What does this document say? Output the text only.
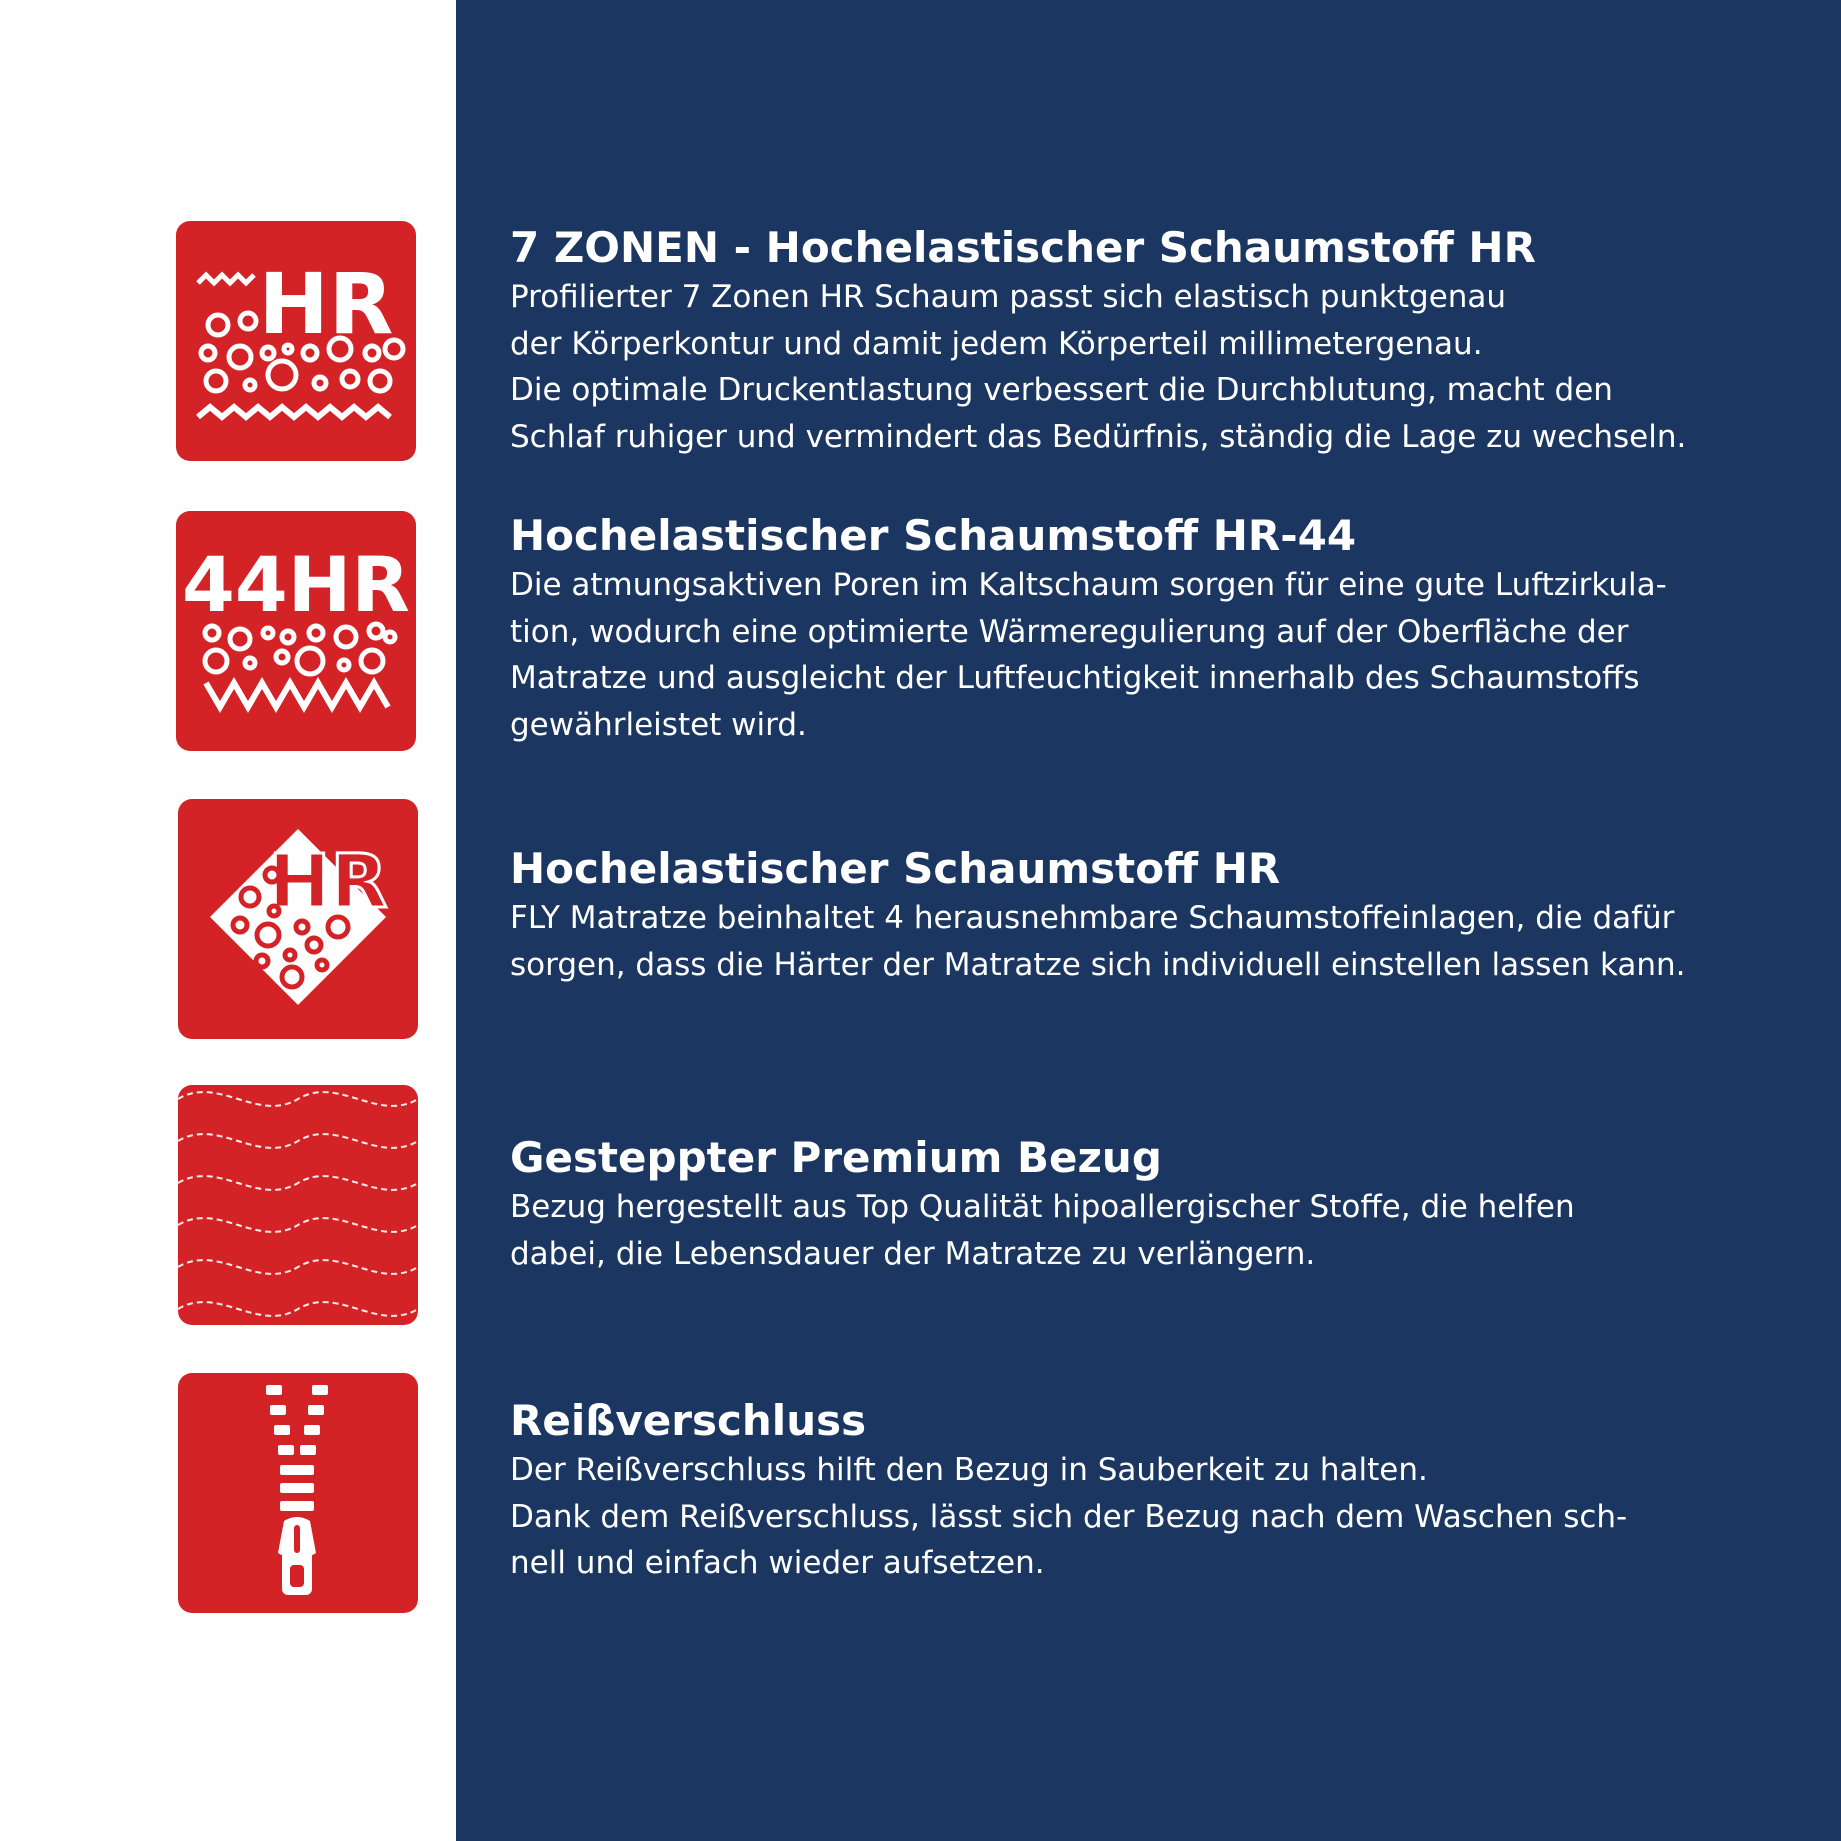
HR
44HR
HR
7 ZONEN - Hochelastischer Schaumstoff HR

Profilierter 7 Zonen HR Schaum passt sich elastisch punktgenau
der Körperkontur und damit jedem Körperteil millimetergenau.
Die optimale Druckentlastung verbessert die Durchblutung, macht den
Schlaf ruhiger und vermindert das Bedürfnis, ständig die Lage zu wechseln.

Hochelastischer Schaumstoff HR-44

Die atmungsaktiven Poren im Kaltschaum sorgen für eine gute Luftzirkula-
tion, wodurch eine optimierte Wärmeregulierung auf der Oberfläche der
Matratze und ausgleicht der Luftfeuchtigkeit innerhalb des Schaumstoffs
gewährleistet wird.

Hochelastischer Schaumstoff HR

FLY Matratze beinhaltet 4 herausnehmbare Schaumstoffeinlagen, die dafür
sorgen, dass die Härter der Matratze sich individuell einstellen lassen kann.

Gesteppter Premium Bezug

Bezug hergestellt aus Top Qualität hipoallergischer Stoffe, die helfen
dabei, die Lebensdauer der Matratze zu verlängern.

Reißverschluss

Der Reißverschluss hilft den Bezug in Sauberkeit zu halten.
Dank dem Reißverschluss, lässt sich der Bezug nach dem Waschen sch-
nell und einfach wieder aufsetzen.
